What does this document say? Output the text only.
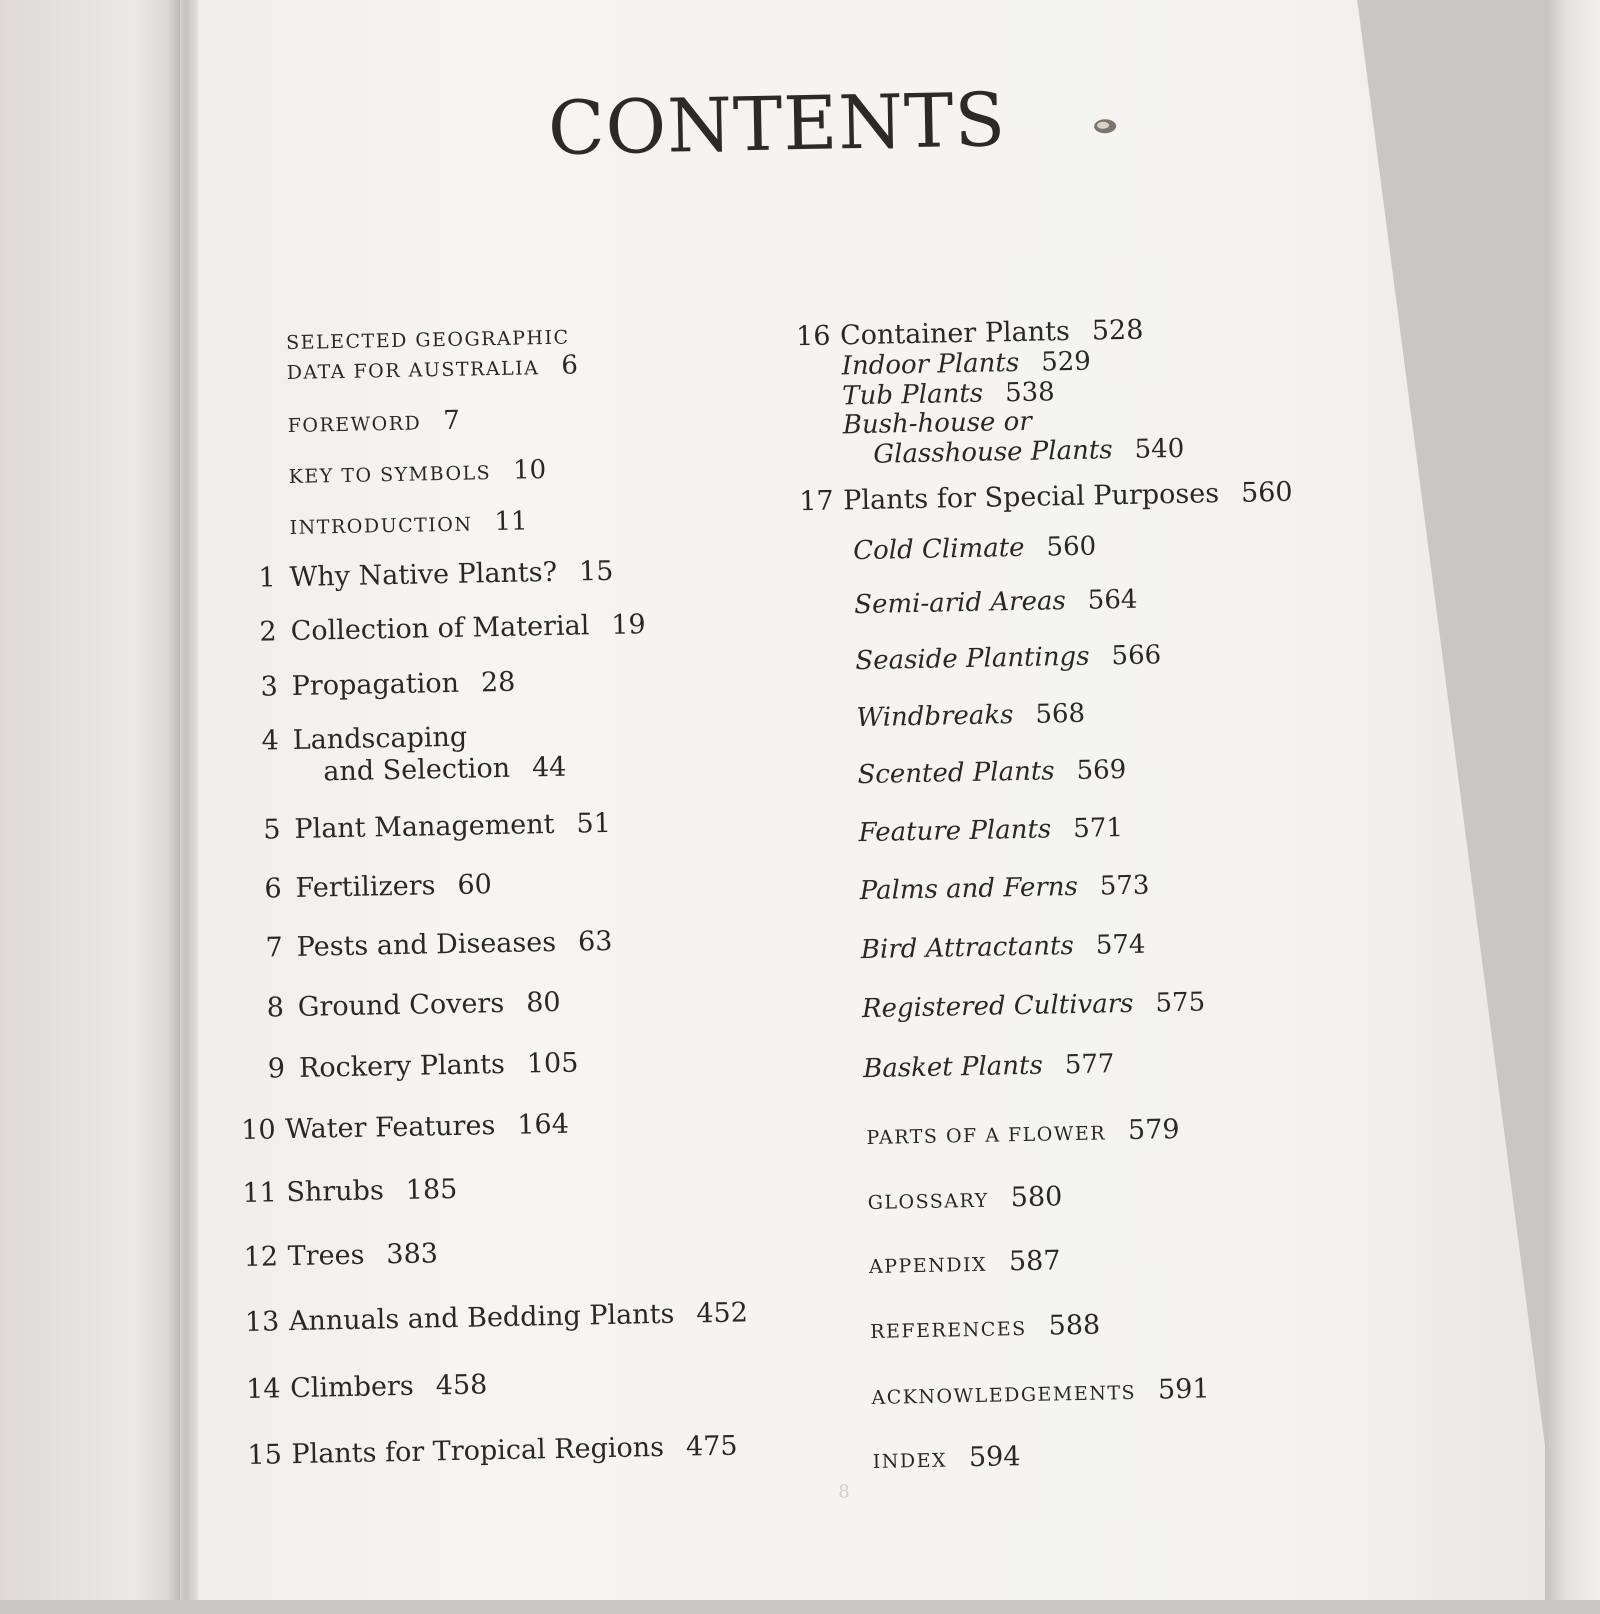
CONTENTS
SELECTED GEOGRAPHIC
DATA FOR AUSTRALIA 6
FOREWORD 7
KEY TO SYMBOLS 10
INTRODUCTION 11
1 Why Native Plants? 15
2 Collection of Material 19
3 Propagation 28
4 Landscaping
and Selection 44
5 Plant Management 51
6 Fertilizers 60
7 Pests and Diseases 63
8 Ground Covers 80
9 Rockery Plants 105
10 Water Features 164
11 Shrubs 185
12 Trees 383
13 Annuals and Bedding Plants 452
14 Climbers 458
15 Plants for Tropical Regions 475
16 Container Plants 528
Indoor Plants 529
Tub Plants 538
Bush-house or
Glasshouse Plants 540
17 Plants for Special Purposes 560
Cold Climate 560
Semi-arid Areas 564
Seaside Plantings 566
Windbreaks 568
Scented Plants 569
Feature Plants 571
Palms and Ferns 573
Bird Attractants 574
Registered Cultivars 575
Basket Plants 577
PARTS OF A FLOWER 579
GLOSSARY 580
APPENDIX 587
REFERENCES 588
ACKNOWLEDGEMENTS 591
INDEX 594
8
